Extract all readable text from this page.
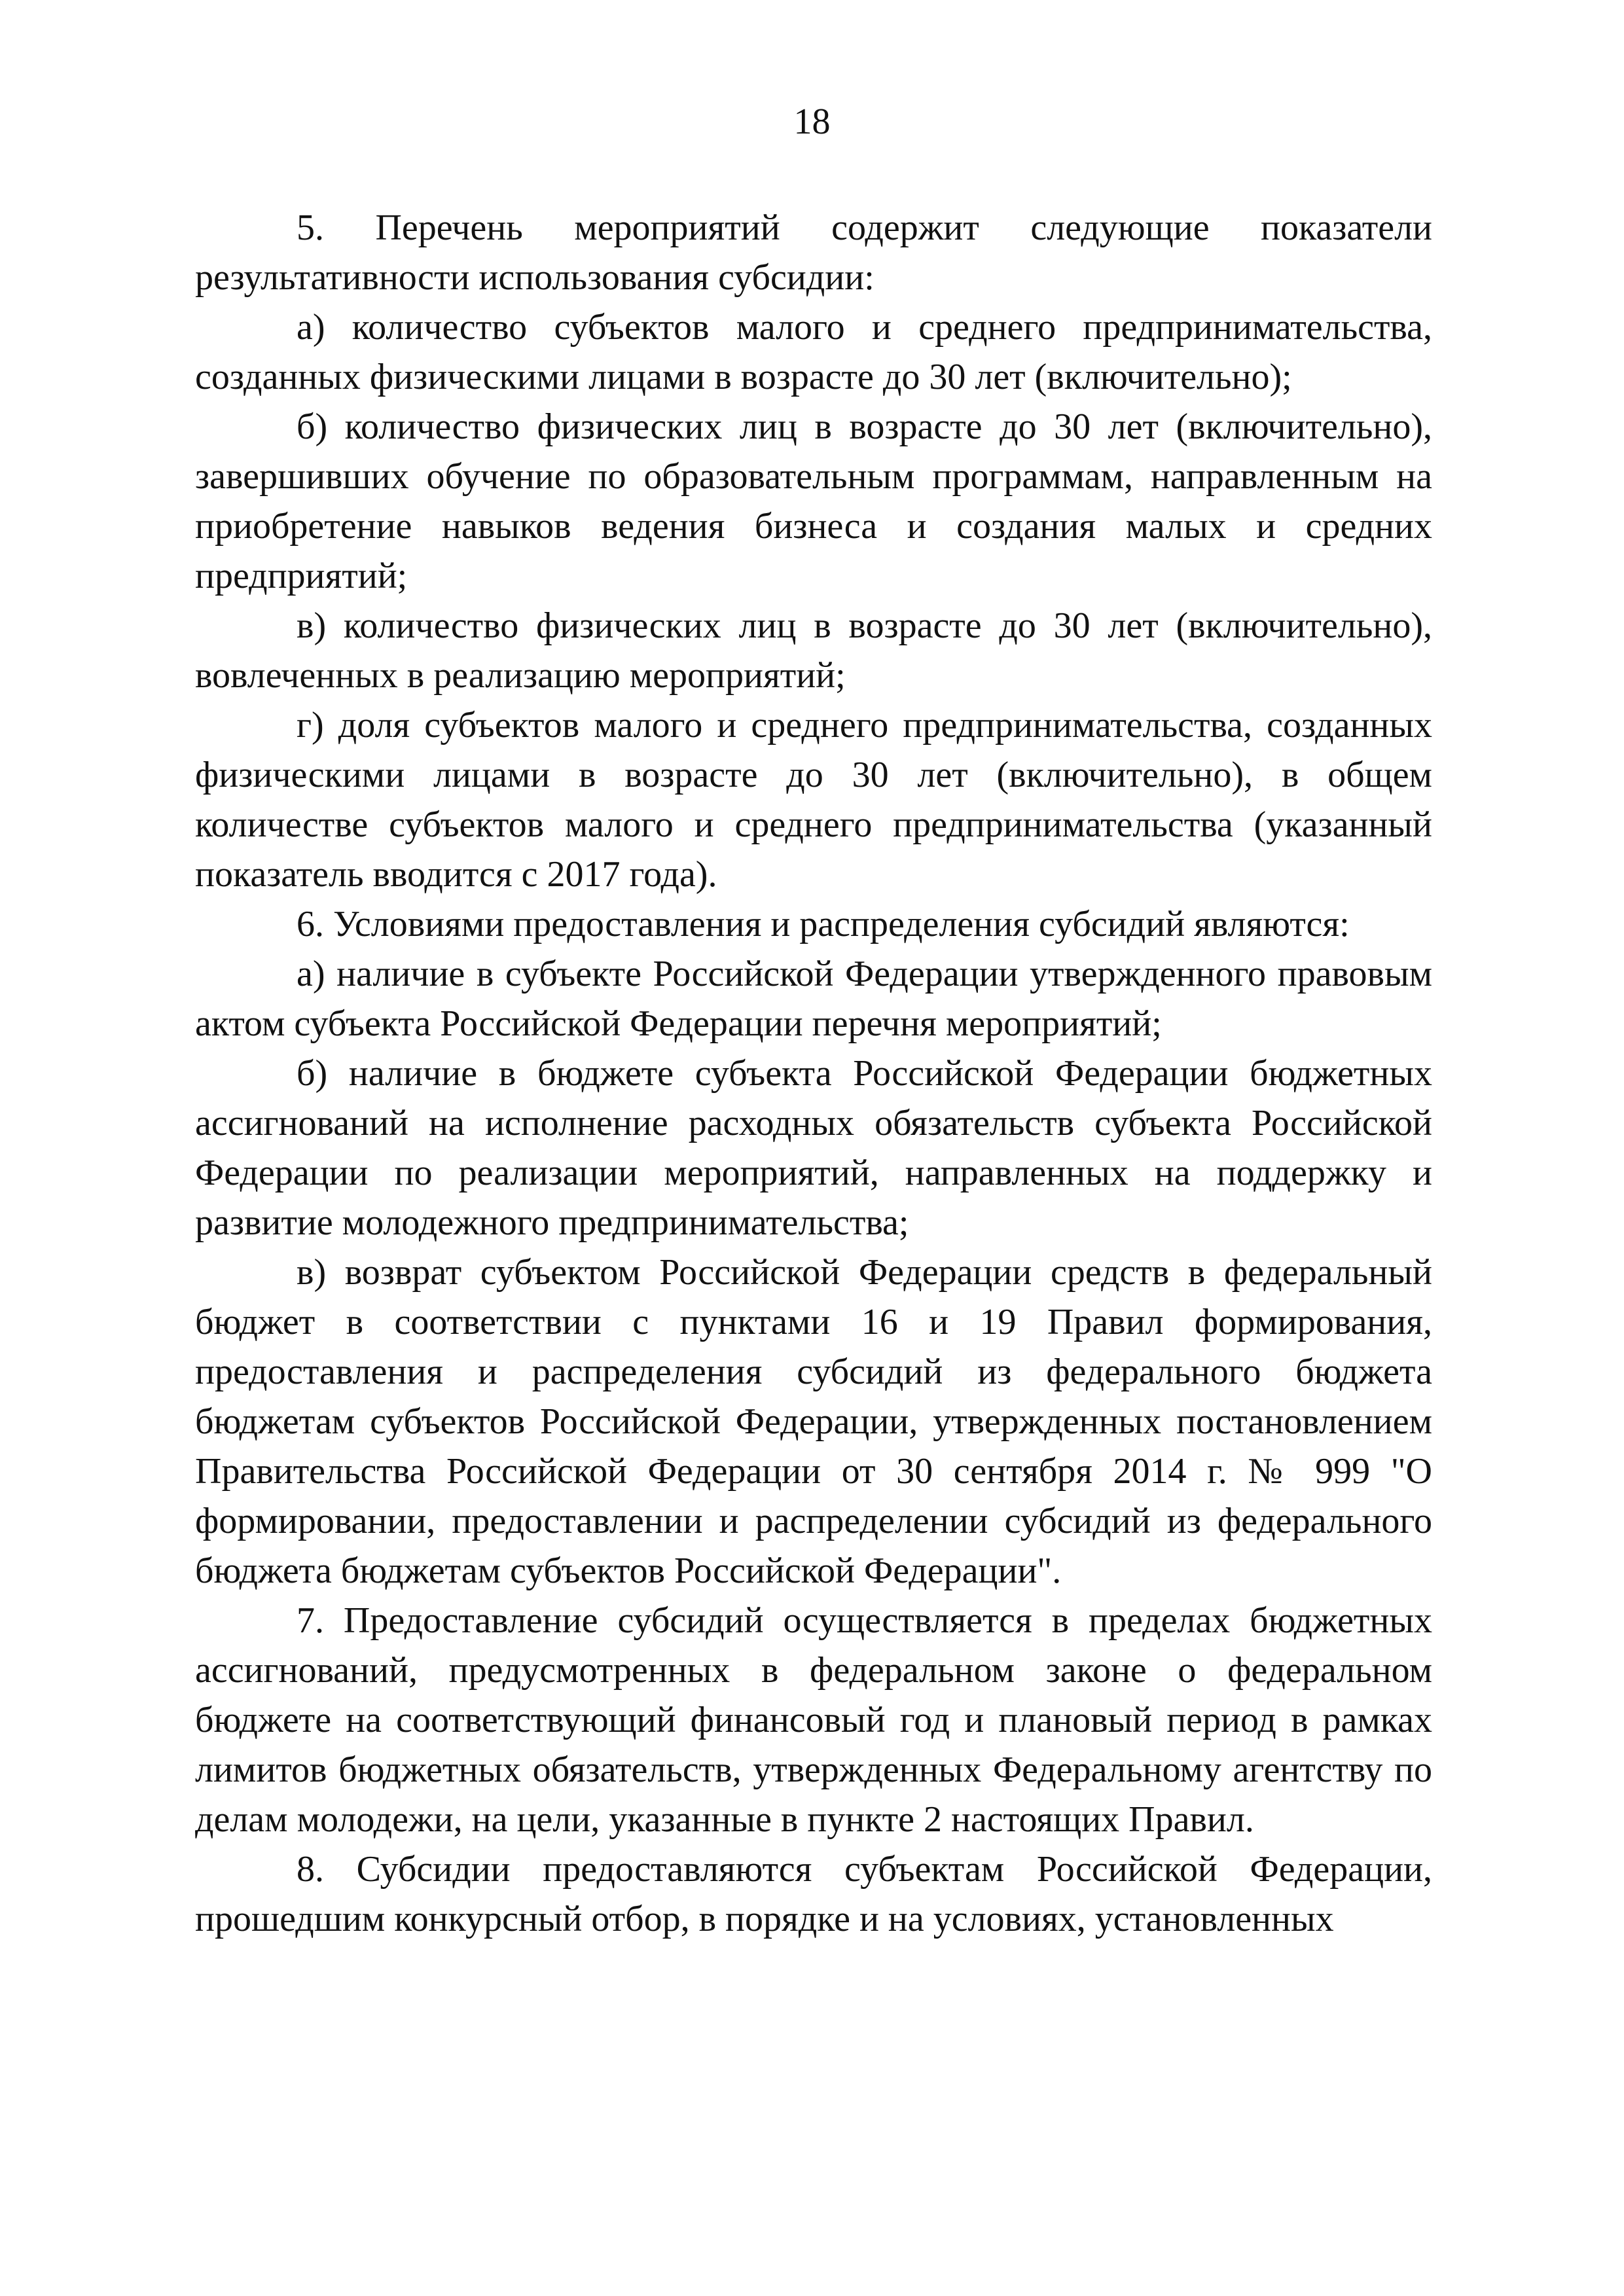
18

5. Перечень мероприятий содержит следующие показатели результативности использования субсидии:

а) количество субъектов малого и среднего предпринимательства, созданных физическими лицами в возрасте до 30 лет (включительно);

б) количество физических лиц в возрасте до 30 лет (включительно), завершивших обучение по образовательным программам, направленным на приобретение навыков ведения бизнеса и создания малых и средних предприятий;

в) количество физических лиц в возрасте до 30 лет (включительно), вовлеченных в реализацию мероприятий;

г) доля субъектов малого и среднего предпринимательства, созданных физическими лицами в возрасте до 30 лет (включительно), в общем количестве субъектов малого и среднего предпринимательства (указанный показатель вводится с 2017 года).

6. Условиями предоставления и распределения субсидий являются:

а) наличие в субъекте Российской Федерации утвержденного правовым актом субъекта Российской Федерации перечня мероприятий;

б) наличие в бюджете субъекта Российской Федерации бюджетных ассигнований на исполнение расходных обязательств субъекта Российской Федерации по реализации мероприятий, направленных на поддержку и развитие молодежного предпринимательства;

в) возврат субъектом Российской Федерации средств в федеральный бюджет в соответствии с пунктами 16 и 19 Правил формирования, предоставления и распределения субсидий из федерального бюджета бюджетам субъектов Российской Федерации, утвержденных постановлением Правительства Российской Федерации от 30 сентября 2014 г. № 999 "О формировании, предоставлении и распределении субсидий из федерального бюджета бюджетам субъектов Российской Федерации".

7. Предоставление субсидий осуществляется в пределах бюджетных ассигнований, предусмотренных в федеральном законе о федеральном бюджете на соответствующий финансовый год и плановый период в рамках лимитов бюджетных обязательств, утвержденных Федеральному агентству по делам молодежи, на цели, указанные в пункте 2 настоящих Правил.

8. Субсидии предоставляются субъектам Российской Федерации, прошедшим конкурсный отбор, в порядке и на условиях, установленных
